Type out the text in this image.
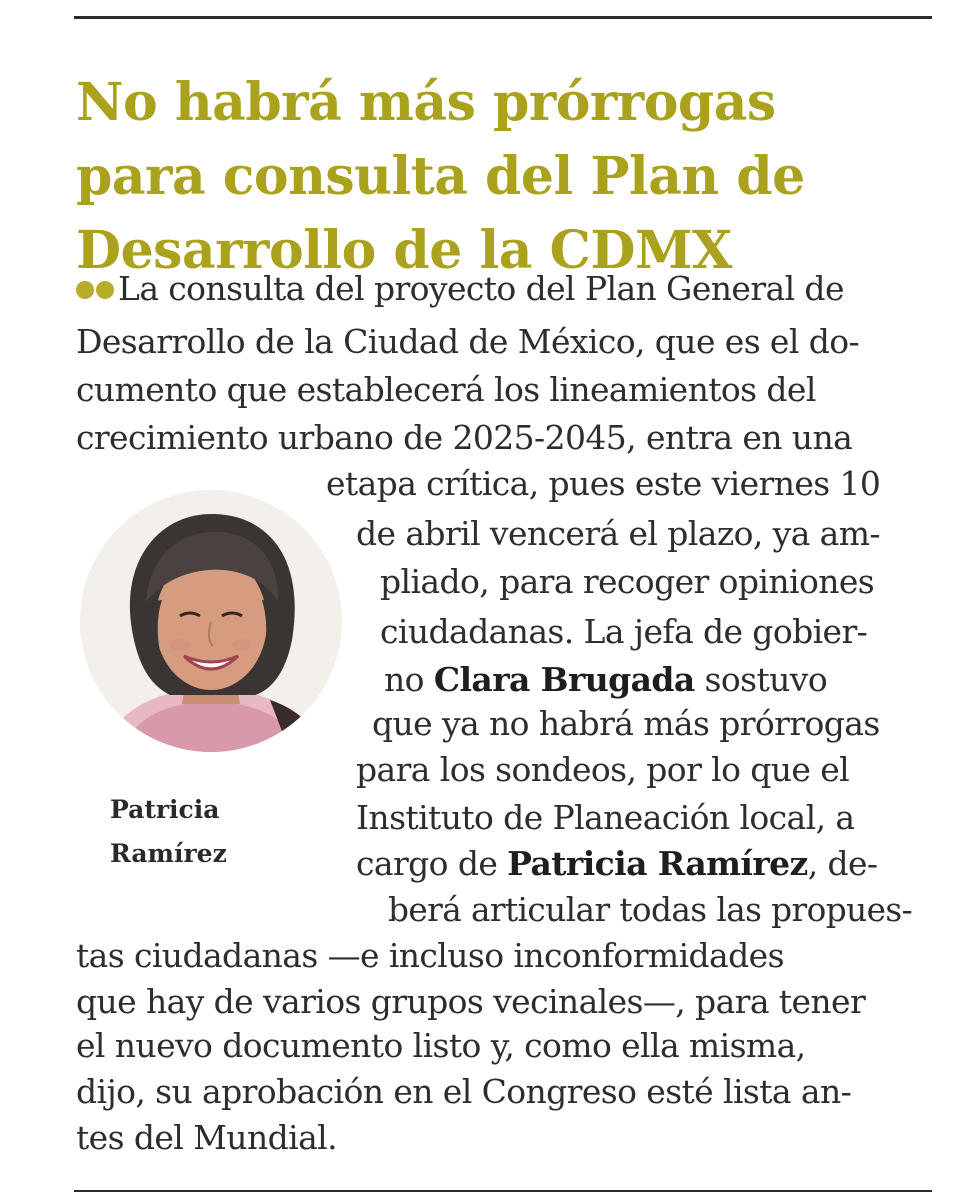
No habrá más prórrogas
para consulta del Plan de
Desarrollo de la CDMX
La consulta del proyecto del Plan General de
Desarrollo de la Ciudad de México, que es el do-
cumento que establecerá los lineamientos del
crecimiento urbano de 2025-2045, entra en una
etapa crítica, pues este viernes 10
de abril vencerá el plazo, ya am-
pliado, para recoger opiniones
ciudadanas. La jefa de gobier-
no Clara Brugada sostuvo
que ya no habrá más prórrogas
para los sondeos, por lo que el
Instituto de Planeación local, a
cargo de Patricia Ramírez, de-
berá articular todas las propues-
tas ciudadanas —e incluso inconformidades
que hay de varios grupos vecinales—, para tener
el nuevo documento listo y, como ella misma,
dijo, su aprobación en el Congreso esté lista an-
tes del Mundial.
Patricia
Ramírez
